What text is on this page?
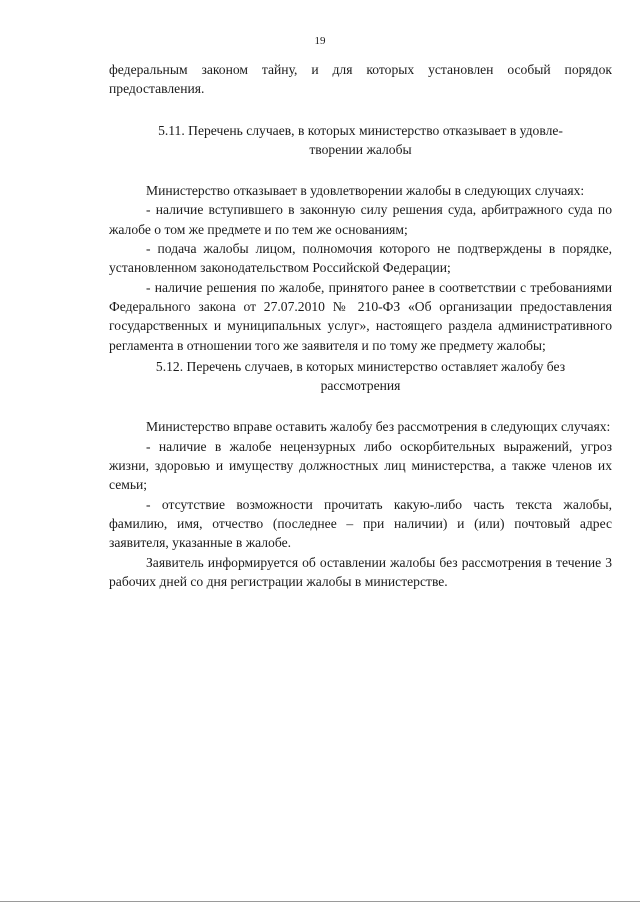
19

федеральным законом тайну, и для которых установлен особый порядок предоставления.

5.11. Перечень случаев, в которых министерство отказывает в удовле-
творении жалобы

Министерство отказывает в удовлетворении жалобы в следующих случаях:

- наличие вступившего в законную силу решения суда, арбитражного суда по жалобе о том же предмете и по тем же основаниям;

- подача жалобы лицом, полномочия которого не подтверждены в порядке, установленном законодательством Российской Федерации;

- наличие решения по жалобе, принятого ранее в соответствии с требованиями Федерального закона от 27.07.2010 № 210-ФЗ «Об организации предоставления государственных и муниципальных услуг», настоящего раздела административного регламента в отношении того же заявителя и по тому же предмету жалобы;

5.12. Перечень случаев, в которых министерство оставляет жалобу без
рассмотрения

Министерство вправе оставить жалобу без рассмотрения в следующих случаях:

- наличие в жалобе нецензурных либо оскорбительных выражений, угроз жизни, здоровью и имуществу должностных лиц министерства, а также членов их семьи;

- отсутствие возможности прочитать какую-либо часть текста жалобы, фамилию, имя, отчество (последнее – при наличии) и (или) почтовый адрес заявителя, указанные в жалобе.

Заявитель информируется об оставлении жалобы без рассмотрения в течение 3 рабочих дней со дня регистрации жалобы в министерстве.
